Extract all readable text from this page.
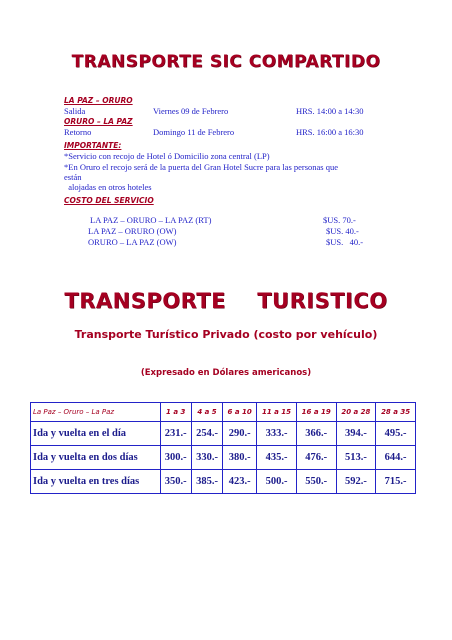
TRANSPORTE SIC COMPARTIDO
LA PAZ – ORURO
Salida	Viernes 09 de Febrero	HRS. 14:00 a 14:30
ORURO – LA PAZ
Retorno	Domingo 11 de Febrero	HRS. 16:00 a 16:30
IMPORTANTE:
*Servicio con recojo de Hotel ó Domicilio zona central (LP)
*En Oruro el recojo será de la puerta del Gran Hotel Sucre para las personas que
están
alojadas en otros hoteles
COSTO DEL SERVICIO
LA PAZ – ORURO – LA PAZ (RT)	$US. 70.-
LA PAZ – ORURO (OW)	$US. 40.-
ORURO – LA PAZ (OW)	$US.   40.-
TRANSPORTE    TURISTICO
Transporte Turístico Privado (costo por vehículo)
(Expresado en Dólares americanos)
La Paz – Oruro – La Paz	1 a 3	4 a 5	6 a 10	11 a 15	16 a 19	20 a 28	28 a 35
Ida y vuelta en el día	231.-	254.-	290.-	333.-	366.-	394.-	495.-
Ida y vuelta en dos días	300.-	330.-	380.-	435.-	476.-	513.-	644.-
Ida y vuelta en tres días	350.-	385.-	423.-	500.-	550.-	592.-	715.-
